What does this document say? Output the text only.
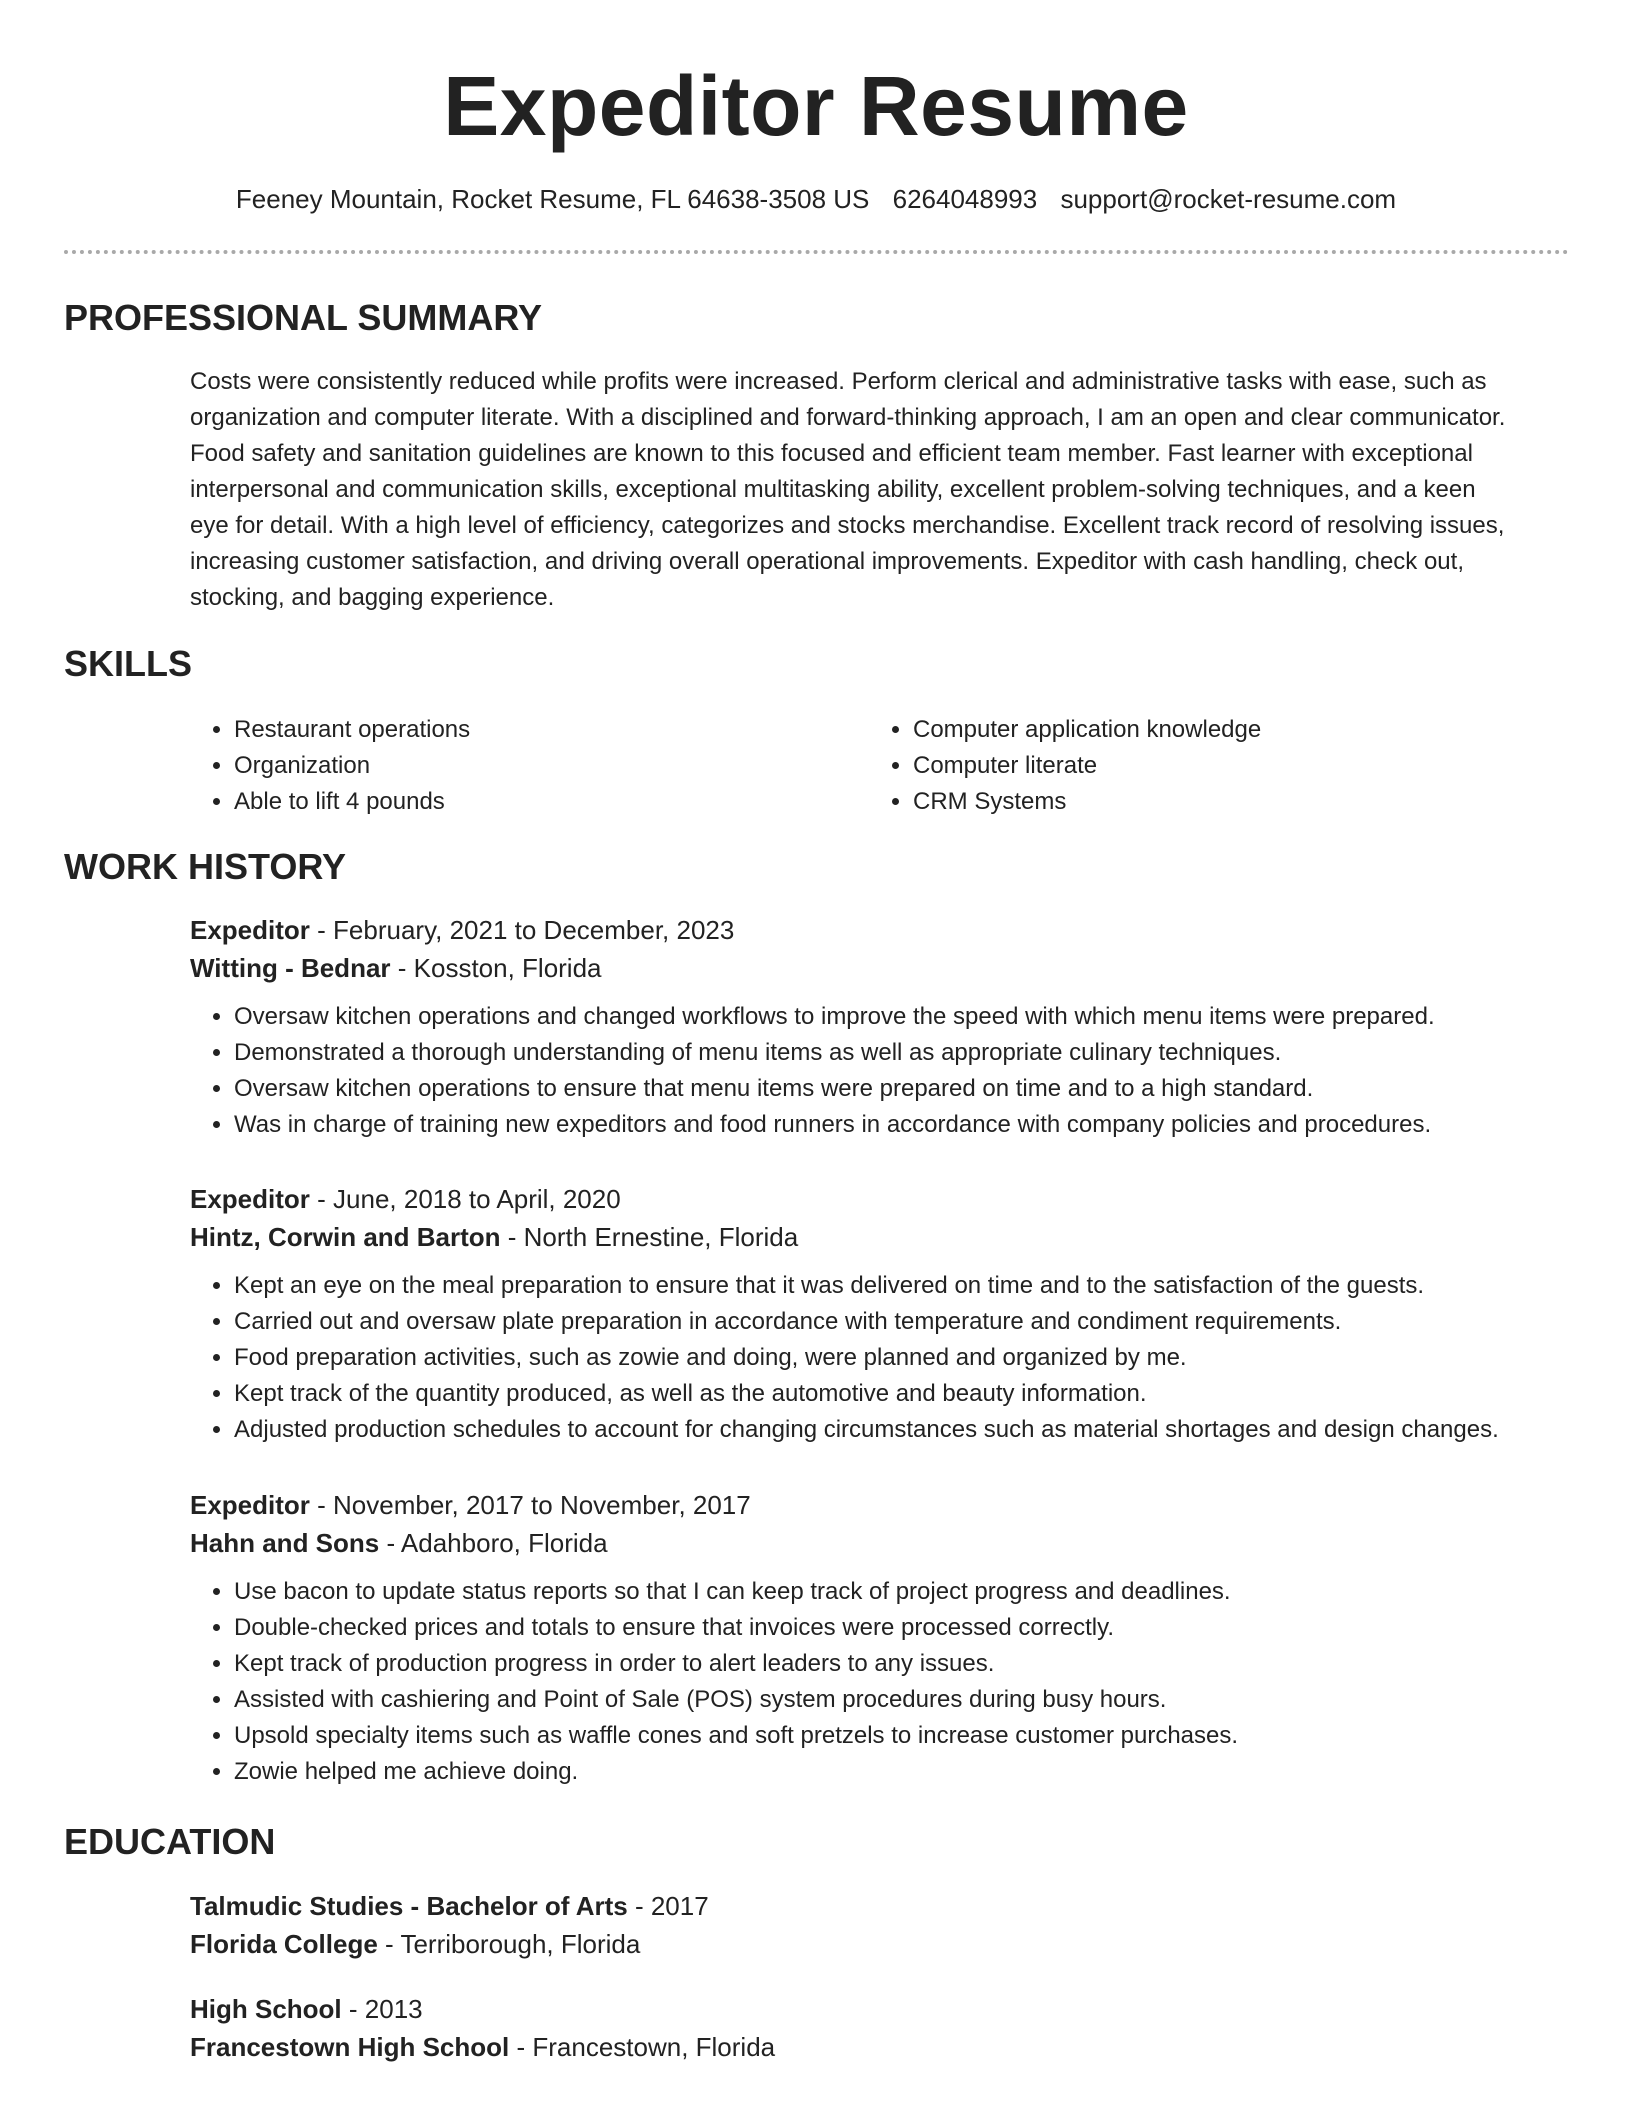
Expeditor Resume
Feeney Mountain, Rocket Resume, FL 64638-3508 US 6264048993 support@rocket-resume.com
PROFESSIONAL SUMMARY
Costs were consistently reduced while profits were increased. Perform clerical and administrative tasks with ease, such as
organization and computer literate. With a disciplined and forward-thinking approach, I am an open and clear communicator.
Food safety and sanitation guidelines are known to this focused and efficient team member. Fast learner with exceptional
interpersonal and communication skills, exceptional multitasking ability, excellent problem-solving techniques, and a keen
eye for detail. With a high level of efficiency, categorizes and stocks merchandise. Excellent track record of resolving issues,
increasing customer satisfaction, and driving overall operational improvements. Expeditor with cash handling, check out,
stocking, and bagging experience.
SKILLS
• Restaurant operations
• Organization
• Able to lift 4 pounds
• Computer application knowledge
• Computer literate
• CRM Systems
WORK HISTORY

Expeditor - February, 2021 to December, 2023

Witting - Bednar - Kosston, Florida

• Oversaw kitchen operations and changed workflows to improve the speed with which menu items were prepared.
• Demonstrated a thorough understanding of menu items as well as appropriate culinary techniques.
• Oversaw kitchen operations to ensure that menu items were prepared on time and to a high standard.
• Was in charge of training new expeditors and food runners in accordance with company policies and procedures.

Expeditor - June, 2018 to April, 2020

Hintz, Corwin and Barton - North Ernestine, Florida

• Kept an eye on the meal preparation to ensure that it was delivered on time and to the satisfaction of the guests.
• Carried out and oversaw plate preparation in accordance with temperature and condiment requirements.
• Food preparation activities, such as zowie and doing, were planned and organized by me.
• Kept track of the quantity produced, as well as the automotive and beauty information.
• Adjusted production schedules to account for changing circumstances such as material shortages and design changes.

Expeditor - November, 2017 to November, 2017

Hahn and Sons - Adahboro, Florida

• Use bacon to update status reports so that I can keep track of project progress and deadlines.
• Double-checked prices and totals to ensure that invoices were processed correctly.
• Kept track of production progress in order to alert leaders to any issues.
• Assisted with cashiering and Point of Sale (POS) system procedures during busy hours.
• Upsold specialty items such as waffle cones and soft pretzels to increase customer purchases.
• Zowie helped me achieve doing.
EDUCATION

Talmudic Studies - Bachelor of Arts - 2017

Florida College - Terriborough, Florida

High School - 2013

Francestown High School - Francestown, Florida
